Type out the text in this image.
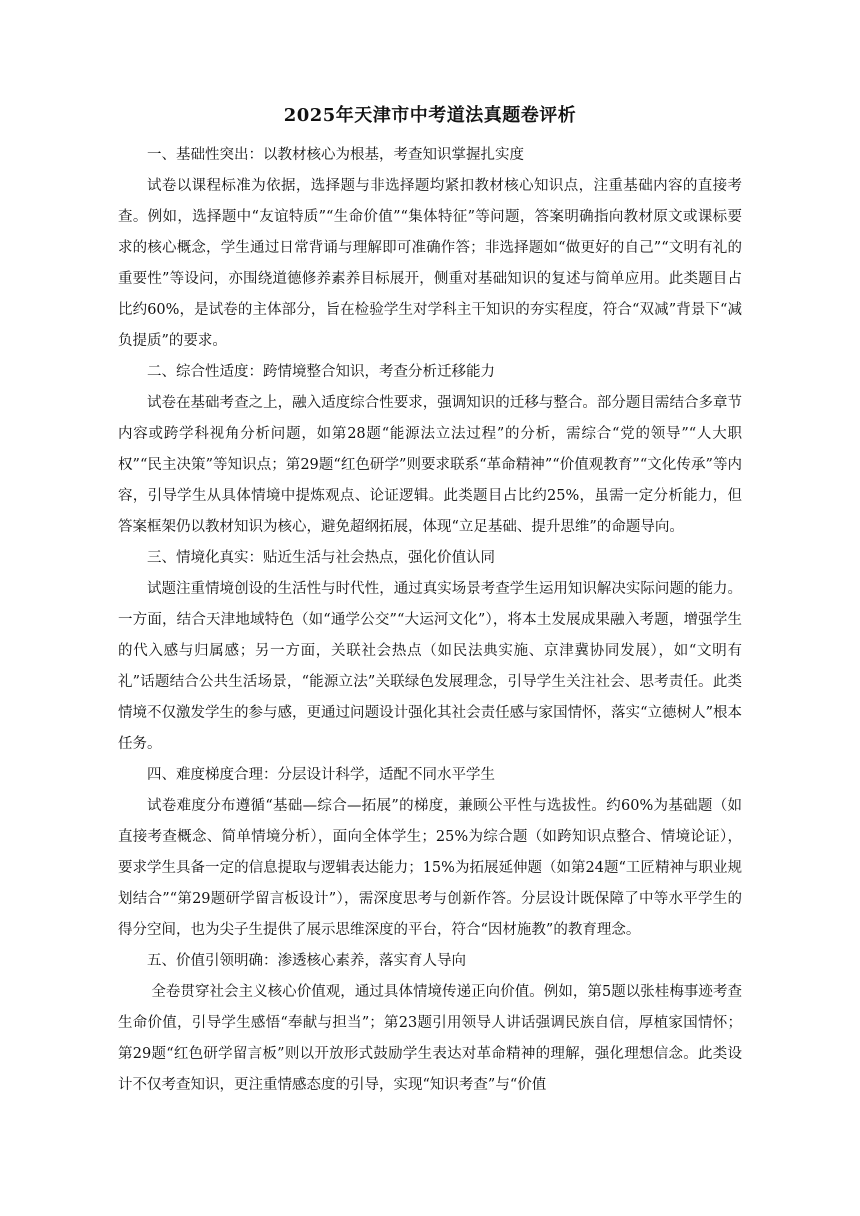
2025年天津市中考道法真题卷评析

一、基础性突出：以教材核心为根基，考查知识掌握扎实度

试卷以课程标准为依据，选择题与非选择题均紧扣教材核心知识点，注重基础内容的直接考查。例如，选择题中“友谊特质”“生命价值”“集体特征”等问题，答案明确指向教材原文或课标要求的核心概念，学生通过日常背诵与理解即可准确作答；非选择题如“做更好的自己”“文明有礼的重要性”等设问，亦围绕道德修养素养目标展开，侧重对基础知识的复述与简单应用。此类题目占比约60%，是试卷的主体部分，旨在检验学生对学科主干知识的夯实程度，符合“双减”背景下“减负提质”的要求。

二、综合性适度：跨情境整合知识，考查分析迁移能力

试卷在基础考查之上，融入适度综合性要求，强调知识的迁移与整合。部分题目需结合多章节内容或跨学科视角分析问题，如第28题“能源法立法过程”的分析，需综合“党的领导”“人大职权”“民主决策”等知识点；第29题“红色研学”则要求联系“革命精神”“价值观教育”“文化传承”等内容，引导学生从具体情境中提炼观点、论证逻辑。此类题目占比约25%，虽需一定分析能力，但答案框架仍以教材知识为核心，避免超纲拓展，体现“立足基础、提升思维”的命题导向。

三、情境化真实：贴近生活与社会热点，强化价值认同

试题注重情境创设的生活性与时代性，通过真实场景考查学生运用知识解决实际问题的能力。一方面，结合天津地域特色（如“通学公交”“大运河文化”），将本土发展成果融入考题，增强学生的代入感与归属感；另一方面，关联社会热点（如民法典实施、京津冀协同发展），如“文明有礼”话题结合公共生活场景，“能源立法”关联绿色发展理念，引导学生关注社会、思考责任。此类情境不仅激发学生的参与感，更通过问题设计强化其社会责任感与家国情怀，落实“立德树人”根本任务。

四、难度梯度合理：分层设计科学，适配不同水平学生

试卷难度分布遵循“基础—综合—拓展”的梯度，兼顾公平性与选拔性。约60%为基础题（如直接考查概念、简单情境分析），面向全体学生；25%为综合题（如跨知识点整合、情境论证），要求学生具备一定的信息提取与逻辑表达能力；15%为拓展延伸题（如第24题“工匠精神与职业规划结合”“第29题研学留言板设计”），需深度思考与创新作答。分层设计既保障了中等水平学生的得分空间，也为尖子生提供了展示思维深度的平台，符合“因材施教”的教育理念。

五、价值引领明确：渗透核心素养，落实育人导向

全卷贯穿社会主义核心价值观，通过具体情境传递正向价值。例如，第5题以张桂梅事迹考查生命价值，引导学生感悟“奉献与担当”；第23题引用领导人讲话强调民族自信，厚植家国情怀；第29题“红色研学留言板”则以开放形式鼓励学生表达对革命精神的理解，强化理想信念。此类设计不仅考查知识，更注重情感态度的引导，实现“知识考查”与“价值
